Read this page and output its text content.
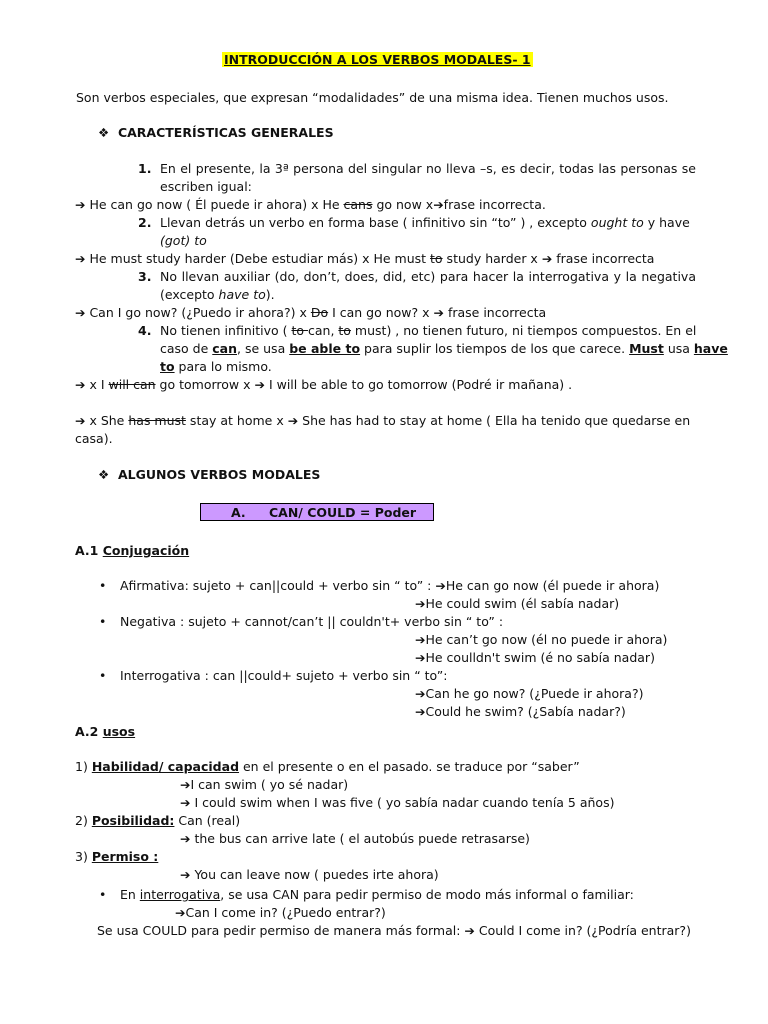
INTRODUCCIÓN A LOS VERBOS MODALES- 1
Son verbos especiales, que expresan “modalidades” de una misma idea. Tienen muchos usos.
❖ CARACTERÍSTICAS GENERALES
1. En el presente, la 3ª persona del singular no lleva –s, es decir, todas las personas se
escriben igual:
➔ He can go now ( Él puede ir ahora) x He cans go now x➔frase incorrecta.
2. Llevan detrás un verbo en forma base ( infinitivo sin “to” ) , excepto ought to y have
(got) to
➔ He must study harder (Debe estudiar más) x He must to study harder x ➔ frase incorrecta
3. No llevan auxiliar (do, don’t, does, did, etc) para hacer la interrogativa y la negativa
(excepto have to).
➔ Can I go now? (¿Puedo ir ahora?) x Do I can go now? x ➔ frase incorrecta
4. No tienen infinitivo ( to can, to must) , no tienen futuro, ni tiempos compuestos. En el
caso de can, se usa be able to para suplir los tiempos de los que carece. Must usa have
to para lo mismo.
➔ x I will can go tomorrow x ➔ I will be able to go tomorrow (Podré ir mañana) .
➔ x She has must stay at home x ➔ She has had to stay at home ( Ella ha tenido que quedarse en
casa).
❖ ALGUNOS VERBOS MODALES
A. CAN/ COULD = Poder
A.1 Conjugación
• Afirmativa: sujeto + can||could + verbo sin “ to” : ➔He can go now (él puede ir ahora)
➔He could swim (él sabía nadar)
• Negativa : sujeto + cannot/can’t || couldn't+ verbo sin “ to” :
➔He can’t go now (él no puede ir ahora)
➔He coulldn't swim (é no sabía nadar)
• Interrogativa : can ||could+ sujeto + verbo sin “ to”:
➔Can he go now? (¿Puede ir ahora?)
➔Could he swim? (¿Sabía nadar?)
A.2 usos
1) Habilidad/ capacidad en el presente o en el pasado. se traduce por “saber”
➔I can swim ( yo sé nadar)
➔ I could swim when I was five ( yo sabía nadar cuando tenía 5 años)
2) Posibilidad: Can (real)
➔ the bus can arrive late ( el autobús puede retrasarse)
3) Permiso :
➔ You can leave now ( puedes irte ahora)
• En interrogativa, se usa CAN para pedir permiso de modo más informal o familiar:
➔Can I come in? (¿Puedo entrar?)
Se usa COULD para pedir permiso de manera más formal: ➔ Could I come in? (¿Podría entrar?)
